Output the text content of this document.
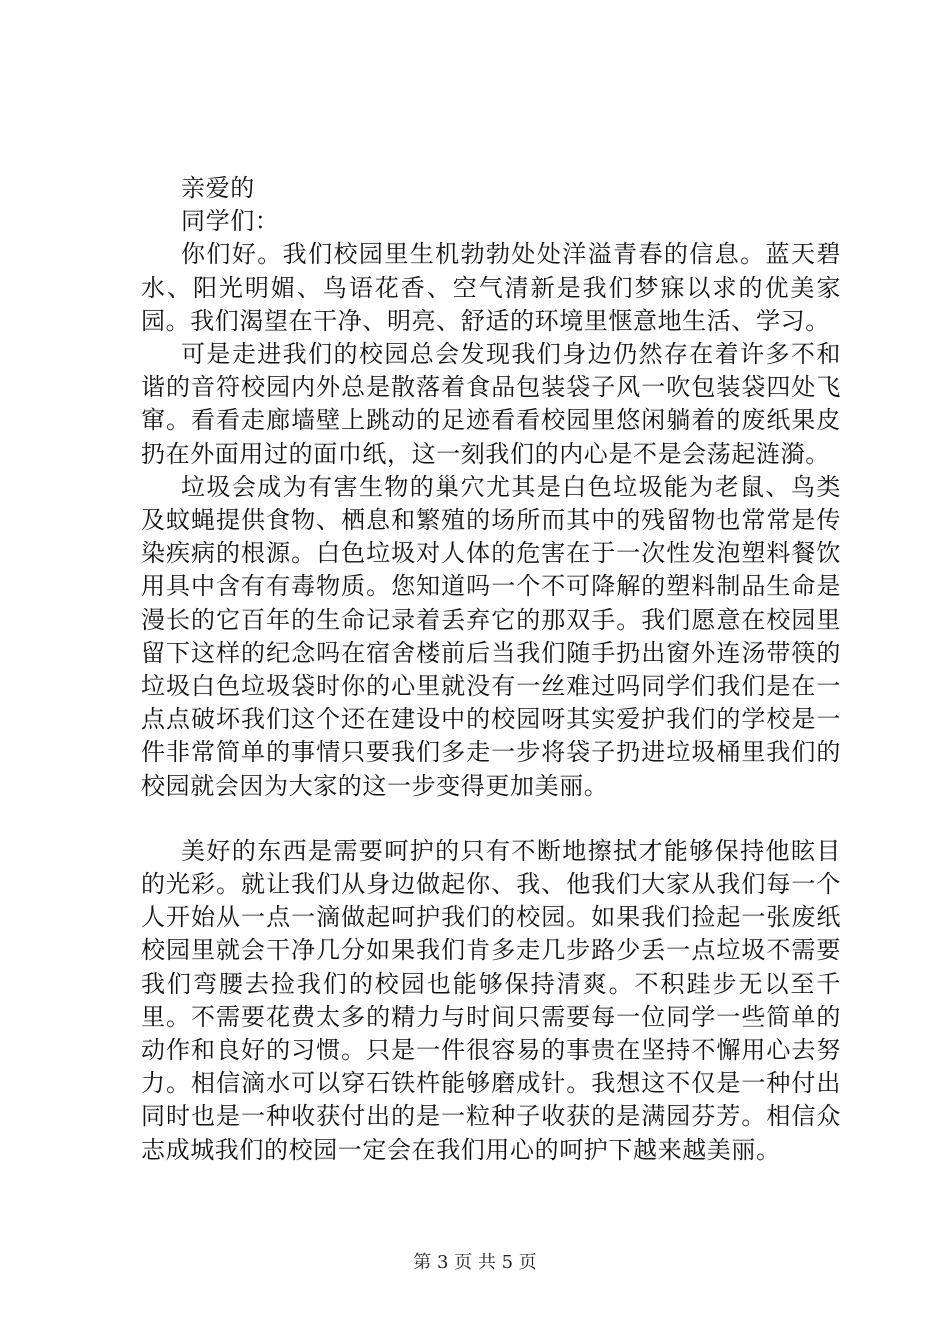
亲爱的

同学们：

你们好。我们校园里生机勃勃处处洋溢青春的信息。蓝天碧水、阳光明媚、鸟语花香、空气清新是我们梦寐以求的优美家园。我们渴望在干净、明亮、舒适的环境里惬意地生活、学习。

可是走进我们的校园总会发现我们身边仍然存在着许多不和谐的音符校园内外总是散落着食品包装袋子风一吹包装袋四处飞窜。看看走廊墙壁上跳动的足迹看看校园里悠闲躺着的废纸果皮扔在外面用过的面巾纸，这一刻我们的内心是不是会荡起涟漪。

垃圾会成为有害生物的巢穴尤其是白色垃圾能为老鼠、鸟类及蚊蝇提供食物、栖息和繁殖的场所而其中的残留物也常常是传染疾病的根源。白色垃圾对人体的危害在于一次性发泡塑料餐饮用具中含有有毒物质。您知道吗一个不可降解的塑料制品生命是漫长的它百年的生命记录着丢弃它的那双手。我们愿意在校园里留下这样的纪念吗在宿舍楼前后当我们随手扔出窗外连汤带筷的垃圾白色垃圾袋时你的心里就没有一丝难过吗同学们我们是在一点点破坏我们这个还在建设中的校园呀其实爱护我们的学校是一件非常简单的事情只要我们多走一步将袋子扔进垃圾桶里我们的校园就会因为大家的这一步变得更加美丽。

美好的东西是需要呵护的只有不断地擦拭才能够保持他眩目的光彩。就让我们从身边做起你、我、他我们大家从我们每一个人开始从一点一滴做起呵护我们的校园。如果我们捡起一张废纸校园里就会干净几分如果我们肯多走几步路少丢一点垃圾不需要我们弯腰去捡我们的校园也能够保持清爽。不积跬步无以至千里。不需要花费太多的精力与时间只需要每一位同学一些简单的动作和良好的习惯。只是一件很容易的事贵在坚持不懈用心去努力。相信滴水可以穿石铁杵能够磨成针。我想这不仅是一种付出同时也是一种收获付出的是一粒种子收获的是满园芬芳。相信众志成城我们的校园一定会在我们用心的呵护下越来越美丽。

第 3 页 共 5 页
